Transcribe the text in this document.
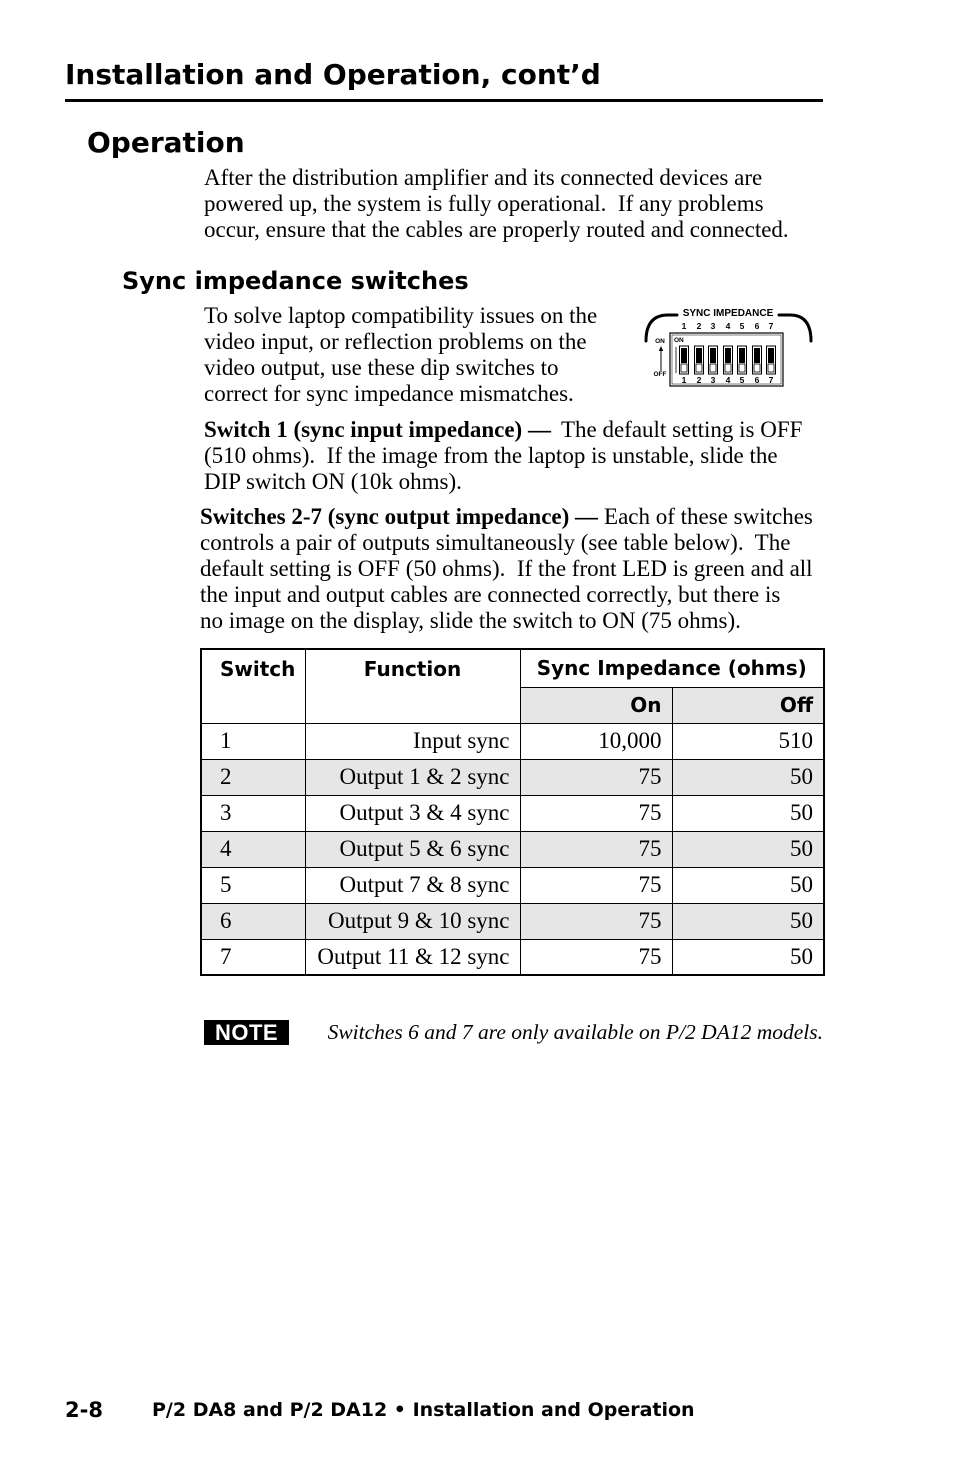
Installation and Operation, cont’d
Operation
After the distribution amplifier and its connected devices are
powered up, the system is fully operational.  If any problems
occur, ensure that the cables are properly routed and connected.
Sync impedance switches
To solve laptop compatibility issues on the
video input, or reflection problems on the
video output, use these dip switches to
correct for sync impedance mismatches.
SYNC IMPEDANCE
ON
OFF
ON
1
1
2
2
3
3
4
4
5
5
6
6
7
7
Switch 1 (sync input impedance) — The default setting is OFF
(510 ohms).  If the image from the laptop is unstable, slide the
DIP switch ON (10k ohms).
Switches 2-7 (sync output impedance) — Each of these switches
controls a pair of outputs simultaneously (see table below).  The
default setting is OFF (50 ohms).  If the front LED is green and all
the input and output cables are connected correctly, but there is
no image on the display, slide the switch to ON (75 ohms).
Switch	Function	Sync Impedance (ohms)	
		On	Off
1	Input sync	10,000	510
2	Output 1 & 2 sync	75	50
3	Output 3 & 4 sync	75	50
4	Output 5 & 6 sync	75	50
5	Output 7 & 8 sync	75	50
6	Output 9 & 10 sync	75	50
7	Output 11 & 12 sync	75	50
NOTE	Switches 6 and 7 are only available on P/2 DA12 models.
2-8	P/2 DA8 and P/2 DA12 • Installation and Operation
